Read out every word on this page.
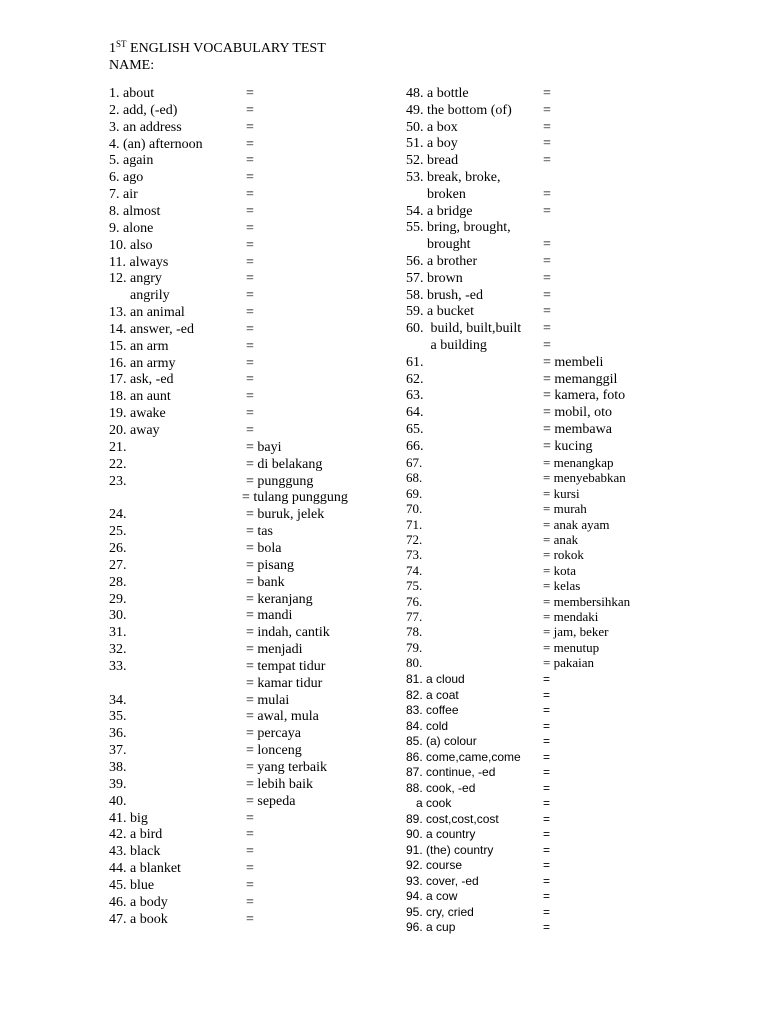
1ST ENGLISH VOCABULARY TEST
NAME:
1. about	=
2. add, (-ed)	=
3. an address	=
4. (an) afternoon	=
5. again	=
6. ago	=
7. air	=
8. almost	=
9. alone	=
10. also	=
11. always	=
12. angry	=
angrily	=
13. an animal	=
14. answer, -ed	=
15. an arm	=
16. an army	=
17. ask, -ed	=
18. an aunt	=
19. awake	=
20. away	=
21.	= bayi
22.	= di belakang
23.	= punggung
= tulang punggung
24.	= buruk, jelek
25.	= tas
26.	= bola
27.	= pisang
28.	= bank
29.	= keranjang
30.	= mandi
31.	= indah, cantik
32.	= menjadi
33.	= tempat tidur
= kamar tidur
34.	= mulai
35.	= awal, mula
36.	= percaya
37.	= lonceng
38.	= yang terbaik
39.	= lebih baik
40.	= sepeda
41. big	=
42. a bird	=
43. black	=
44. a blanket	=
45. blue	=
46. a body	=
47. a book	=
48. a bottle	=
49. the bottom (of) =
50. a box	=
51. a boy	=
52. bread	=
53. break, broke,
broken	=
54. a bridge	=
55. bring, brought,
brought	=
56. a brother	=
57. brown	=
58. brush, -ed	=
59. a bucket	=
60.  build, built,built =
a building	=
61.	= membeli
62.	= memanggil
63.	= kamera, foto
64.	= mobil, oto
65.	= membawa
66.	= kucing
67.	= menangkap
68.	= menyebabkan
69.	= kursi
70.	= murah
71.	= anak ayam
72.	= anak
73.	= rokok
74.	= kota
75.	= kelas
76.	= membersihkan
77.	= mendaki
78.	= jam, beker
79.	= menutup
80.	= pakaian
81. a cloud	=
82. a coat	=
83. coffee	=
84. cold	=
85. (a) colour	=
86. come,came,come =
87. continue, -ed	=
88. cook, -ed	=
a cook	=
89. cost,cost,cost	=
90. a country	=
91. (the) country	=
92. course	=
93. cover, -ed	=
94. a cow	=
95. cry, cried	=
96. a cup	=
